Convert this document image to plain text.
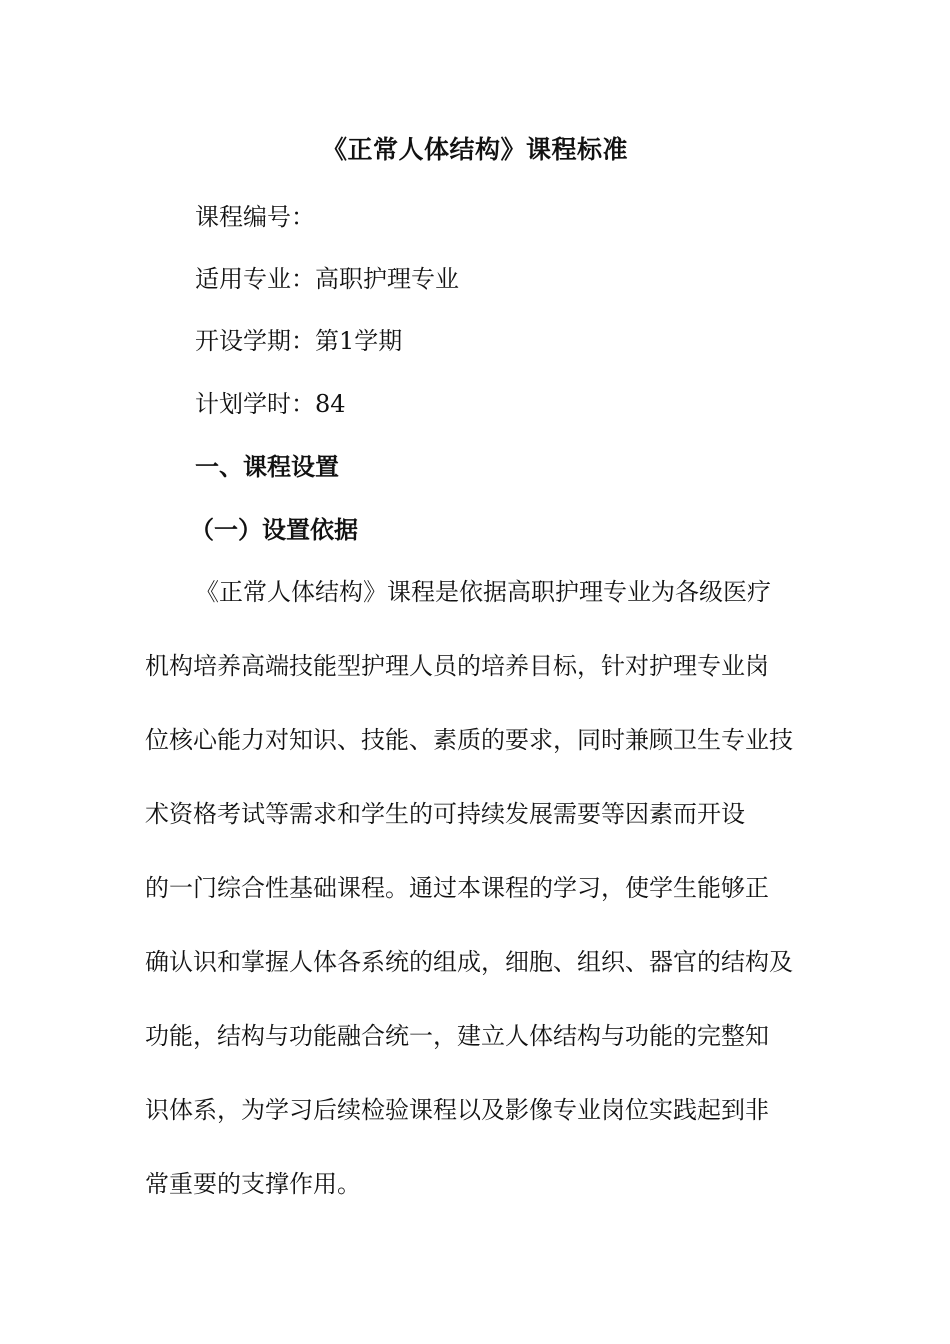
《正常人体结构》课程标准

课程编号：

适用专业：高职护理专业

开设学期：第1学期

计划学时：84

一、课程设置
（一）设置依据

《正常人体结构》课程是依据高职护理专业为各级医疗

机构培养高端技能型护理人员的培养目标，针对护理专业岗

位核心能力对知识、技能、素质的要求，同时兼顾卫生专业技

术资格考试等需求和学生的可持续发展需要等因素而开设

的一门综合性基础课程。通过本课程的学习，使学生能够正

确认识和掌握人体各系统的组成，细胞、组织、器官的结构及

功能，结构与功能融合统一，建立人体结构与功能的完整知

识体系，为学习后续检验课程以及影像专业岗位实践起到非

常重要的支撑作用。
